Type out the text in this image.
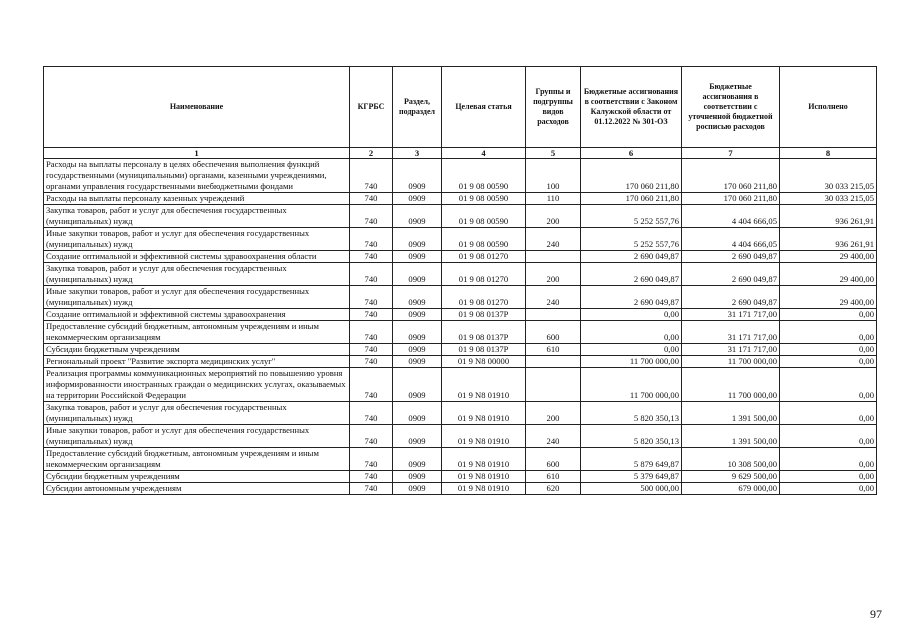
Наименование	КГРБС	Раздел, подраздел	Целевая статья	Группы и подгруппы видов расходов	Бюджетные ассигнования в соответствии с Законом Калужской области от 01.12.2022 № 301-ОЗ	Бюджетные ассигнования в соответствии с уточненной бюджетной росписью расходов	Исполнено
1	2	3	4	5	6	7	8
Расходы на выплаты персоналу в целях обеспечения выполнения функций государственными (муниципальными) органами, казенными учреждениями, органами управления государственными внебюджетными фондами	740	0909	01 9 08 00590	100	170 060 211,80	170 060 211,80	30 033 215,05
Расходы на выплаты персоналу казенных учреждений	740	0909	01 9 08 00590	110	170 060 211,80	170 060 211,80	30 033 215,05
Закупка товаров, работ и услуг для обеспечения государственных (муниципальных) нужд	740	0909	01 9 08 00590	200	5 252 557,76	4 404 666,05	936 261,91
Иные закупки товаров, работ и услуг для обеспечения государственных (муниципальных) нужд	740	0909	01 9 08 00590	240	5 252 557,76	4 404 666,05	936 261,91
Создание оптимальной и эффективной системы здравоохранения области	740	0909	01 9 08 01270		2 690 049,87	2 690 049,87	29 400,00
Закупка товаров, работ и услуг для обеспечения государственных (муниципальных) нужд	740	0909	01 9 08 01270	200	2 690 049,87	2 690 049,87	29 400,00
Иные закупки товаров, работ и услуг для обеспечения государственных (муниципальных) нужд	740	0909	01 9 08 01270	240	2 690 049,87	2 690 049,87	29 400,00
Создание оптимальной и эффективной системы здравоохранения	740	0909	01 9 08 0137Р		0,00	31 171 717,00	0,00
Предоставление субсидий бюджетным, автономным учреждениям и иным некоммерческим организациям	740	0909	01 9 08 0137Р	600	0,00	31 171 717,00	0,00
Субсидии бюджетным учреждениям	740	0909	01 9 08 0137Р	610	0,00	31 171 717,00	0,00
Региональный проект "Развитие экспорта медицинских услуг"	740	0909	01 9 N8 00000		11 700 000,00	11 700 000,00	0,00
Реализация программы коммуникационных мероприятий по повышению уровня информированности иностранных граждан о медицинских услугах, оказываемых на территории Российской Федерации	740	0909	01 9 N8 01910		11 700 000,00	11 700 000,00	0,00
Закупка товаров, работ и услуг для обеспечения государственных (муниципальных) нужд	740	0909	01 9 N8 01910	200	5 820 350,13	1 391 500,00	0,00
Иные закупки товаров, работ и услуг для обеспечения государственных (муниципальных) нужд	740	0909	01 9 N8 01910	240	5 820 350,13	1 391 500,00	0,00
Предоставление субсидий бюджетным, автономным учреждениям и иным некоммерческим организациям	740	0909	01 9 N8 01910	600	5 879 649,87	10 308 500,00	0,00
Субсидии бюджетным учреждениям	740	0909	01 9 N8 01910	610	5 379 649,87	9 629 500,00	0,00
Субсидии автономным учреждениям	740	0909	01 9 N8 01910	620	500 000,00	679 000,00	0,00
97
